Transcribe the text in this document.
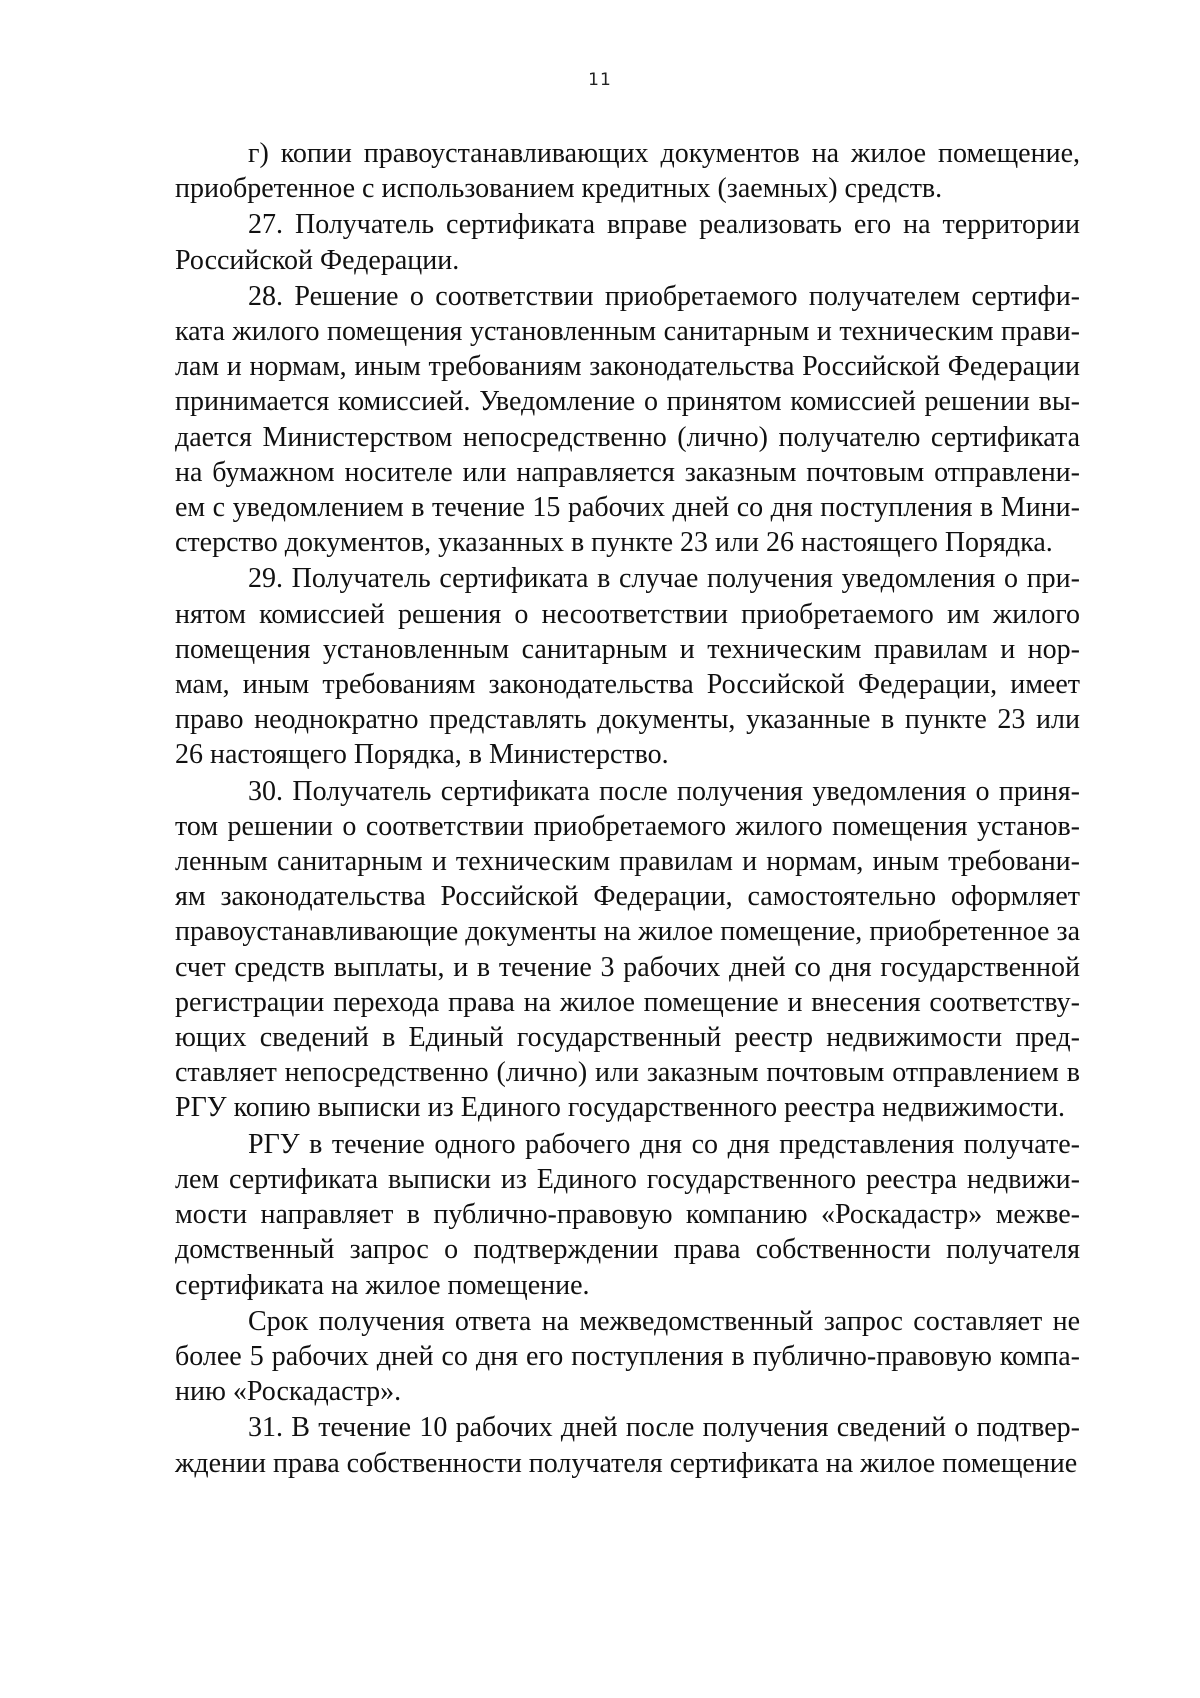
11

г) копии правоустанавливающих документов на жилое помещение, приобретенное с использованием кредитных (заемных) средств.

27. Получатель сертификата вправе реализовать его на территории Российской Федерации.

28. Решение о соответствии приобретаемого получателем сертификата жилого помещения установленным санитарным и техническим правилам и нормам, иным требованиям законодательства Российской Федерации принимается комиссией. Уведомление о принятом комиссией решении выдается Министерством непосредственно (лично) получателю сертификата на бумажном носителе или направляется заказным почтовым отправлением с уведомлением в течение 15 рабочих дней со дня поступления в Министерство документов, указанных в пункте 23 или 26 настоящего Порядка.

29. Получатель сертификата в случае получения уведомления о принятом комиссией решения о несоответствии приобретаемого им жилого помещения установленным санитарным и техническим правилам и нормам, иным требованиям законодательства Российской Федерации, имеет право неоднократно представлять документы, указанные в пункте 23 или 26 настоящего Порядка, в Министерство.

30. Получатель сертификата после получения уведомления о принятом решении о соответствии приобретаемого жилого помещения установленным санитарным и техническим правилам и нормам, иным требованиям законодательства Российской Федерации, самостоятельно оформляет правоустанавливающие документы на жилое помещение, приобретенное за счет средств выплаты, и в течение 3 рабочих дней со дня государственной регистрации перехода права на жилое помещение и внесения соответствующих сведений в Единый государственный реестр недвижимости представляет непосредственно (лично) или заказным почтовым отправлением в РГУ копию выписки из Единого государственного реестра недвижимости.

РГУ в течение одного рабочего дня со дня представления получателем сертификата выписки из Единого государственного реестра недвижимости направляет в публично-правовую компанию «Роскадастр» межведомственный запрос о подтверждении права собственности получателя сертификата на жилое помещение.

Срок получения ответа на межведомственный запрос составляет не более 5 рабочих дней со дня его поступления в публично-правовую компанию «Роскадастр».

31. В течение 10 рабочих дней после получения сведений о подтверждении права собственности получателя сертификата на жилое помещение
